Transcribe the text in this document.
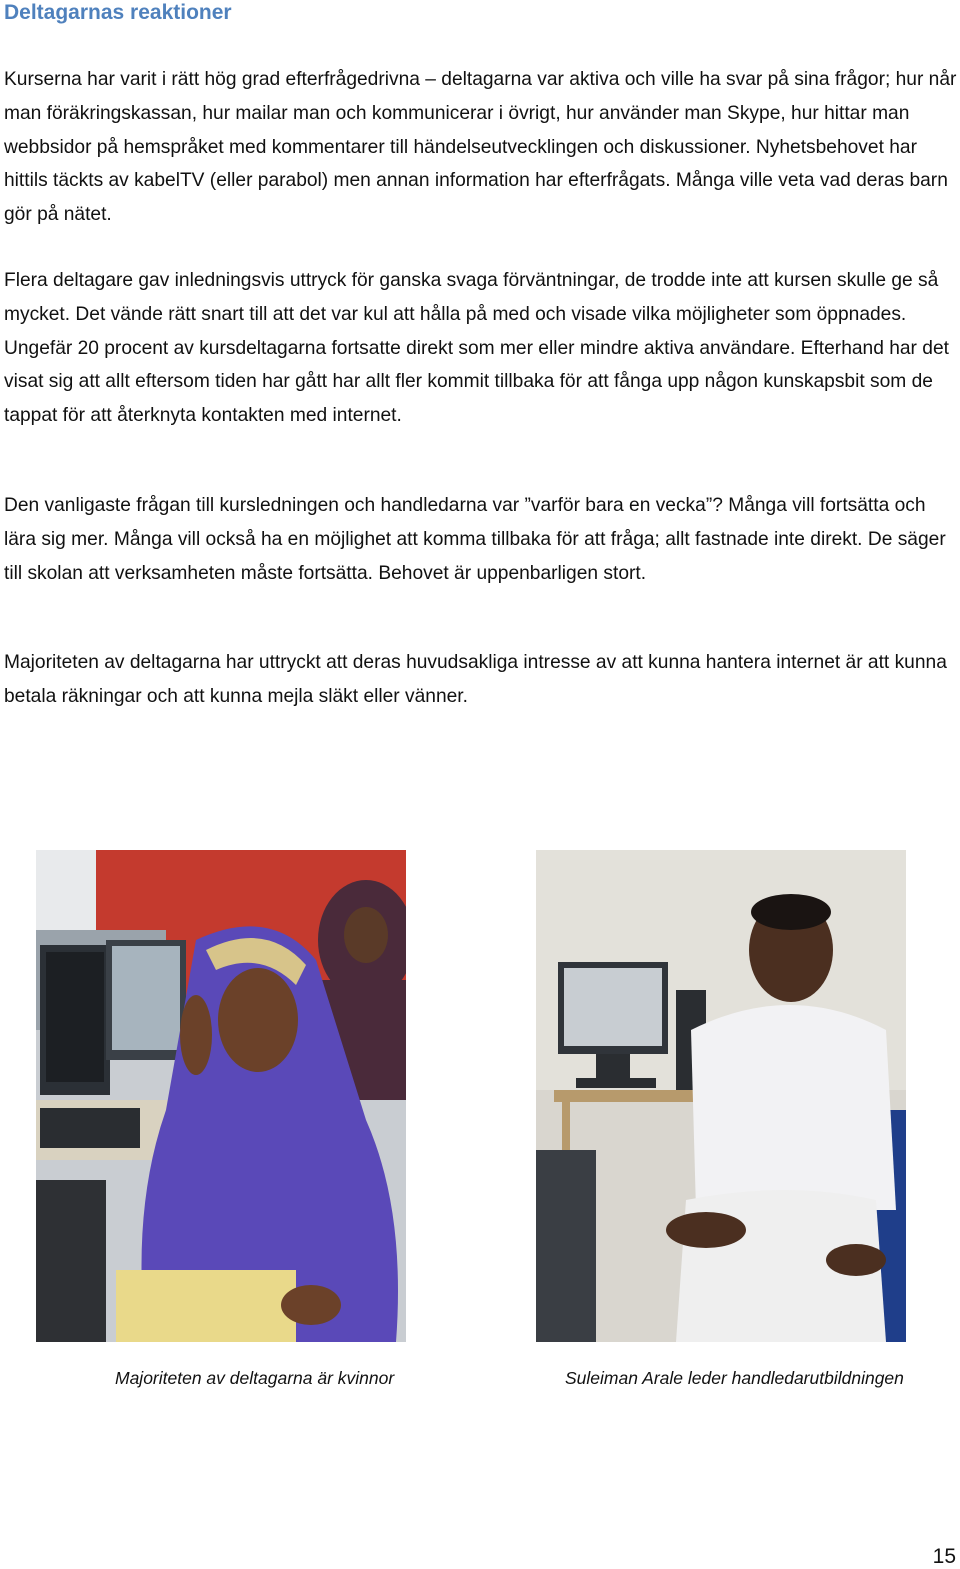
Deltagarnas reaktioner

Kurserna har varit i rätt hög grad efterfrågedrivna – deltagarna var aktiva och ville ha svar på sina frågor; hur når man föräkringskassan, hur mailar man och kommunicerar i övrigt, hur använder man Skype, hur hittar man webbsidor på hemspråket med kommentarer till händelseutvecklingen och diskussioner. Nyhetsbehovet har hittils täckts av kabelTV (eller parabol) men annan information har efterfrågats. Många ville veta vad deras barn gör på nätet.

Flera deltagare gav inledningsvis uttryck för ganska svaga förväntningar, de trodde inte att kursen skulle ge så mycket. Det vände rätt snart till att det var kul att hålla på med och visade vilka möjligheter som öppnades. Ungefär 20 procent av kursdeltagarna fortsatte direkt som mer eller mindre aktiva användare. Efterhand har det visat sig att allt eftersom tiden har gått har allt fler kommit tillbaka för att fånga upp någon kunskapsbit som de tappat för att återknyta kontakten med internet.

Den vanligaste frågan till kursledningen och handledarna var ”varför bara en vecka”? Många vill fortsätta och lära sig mer. Många vill också ha en möjlighet att komma tillbaka för att fråga; allt fastnade inte direkt. De säger till skolan att verksamheten måste fortsätta. Behovet är uppenbarligen stort.

Majoriteten av deltagarna har uttryckt att deras huvudsakliga intresse av att kunna hantera internet är att kunna betala räkningar och att kunna mejla släkt eller vänner.

Majoriteten av deltagarna är kvinnor	Suleiman Arale leder handledarutbildningen
15
